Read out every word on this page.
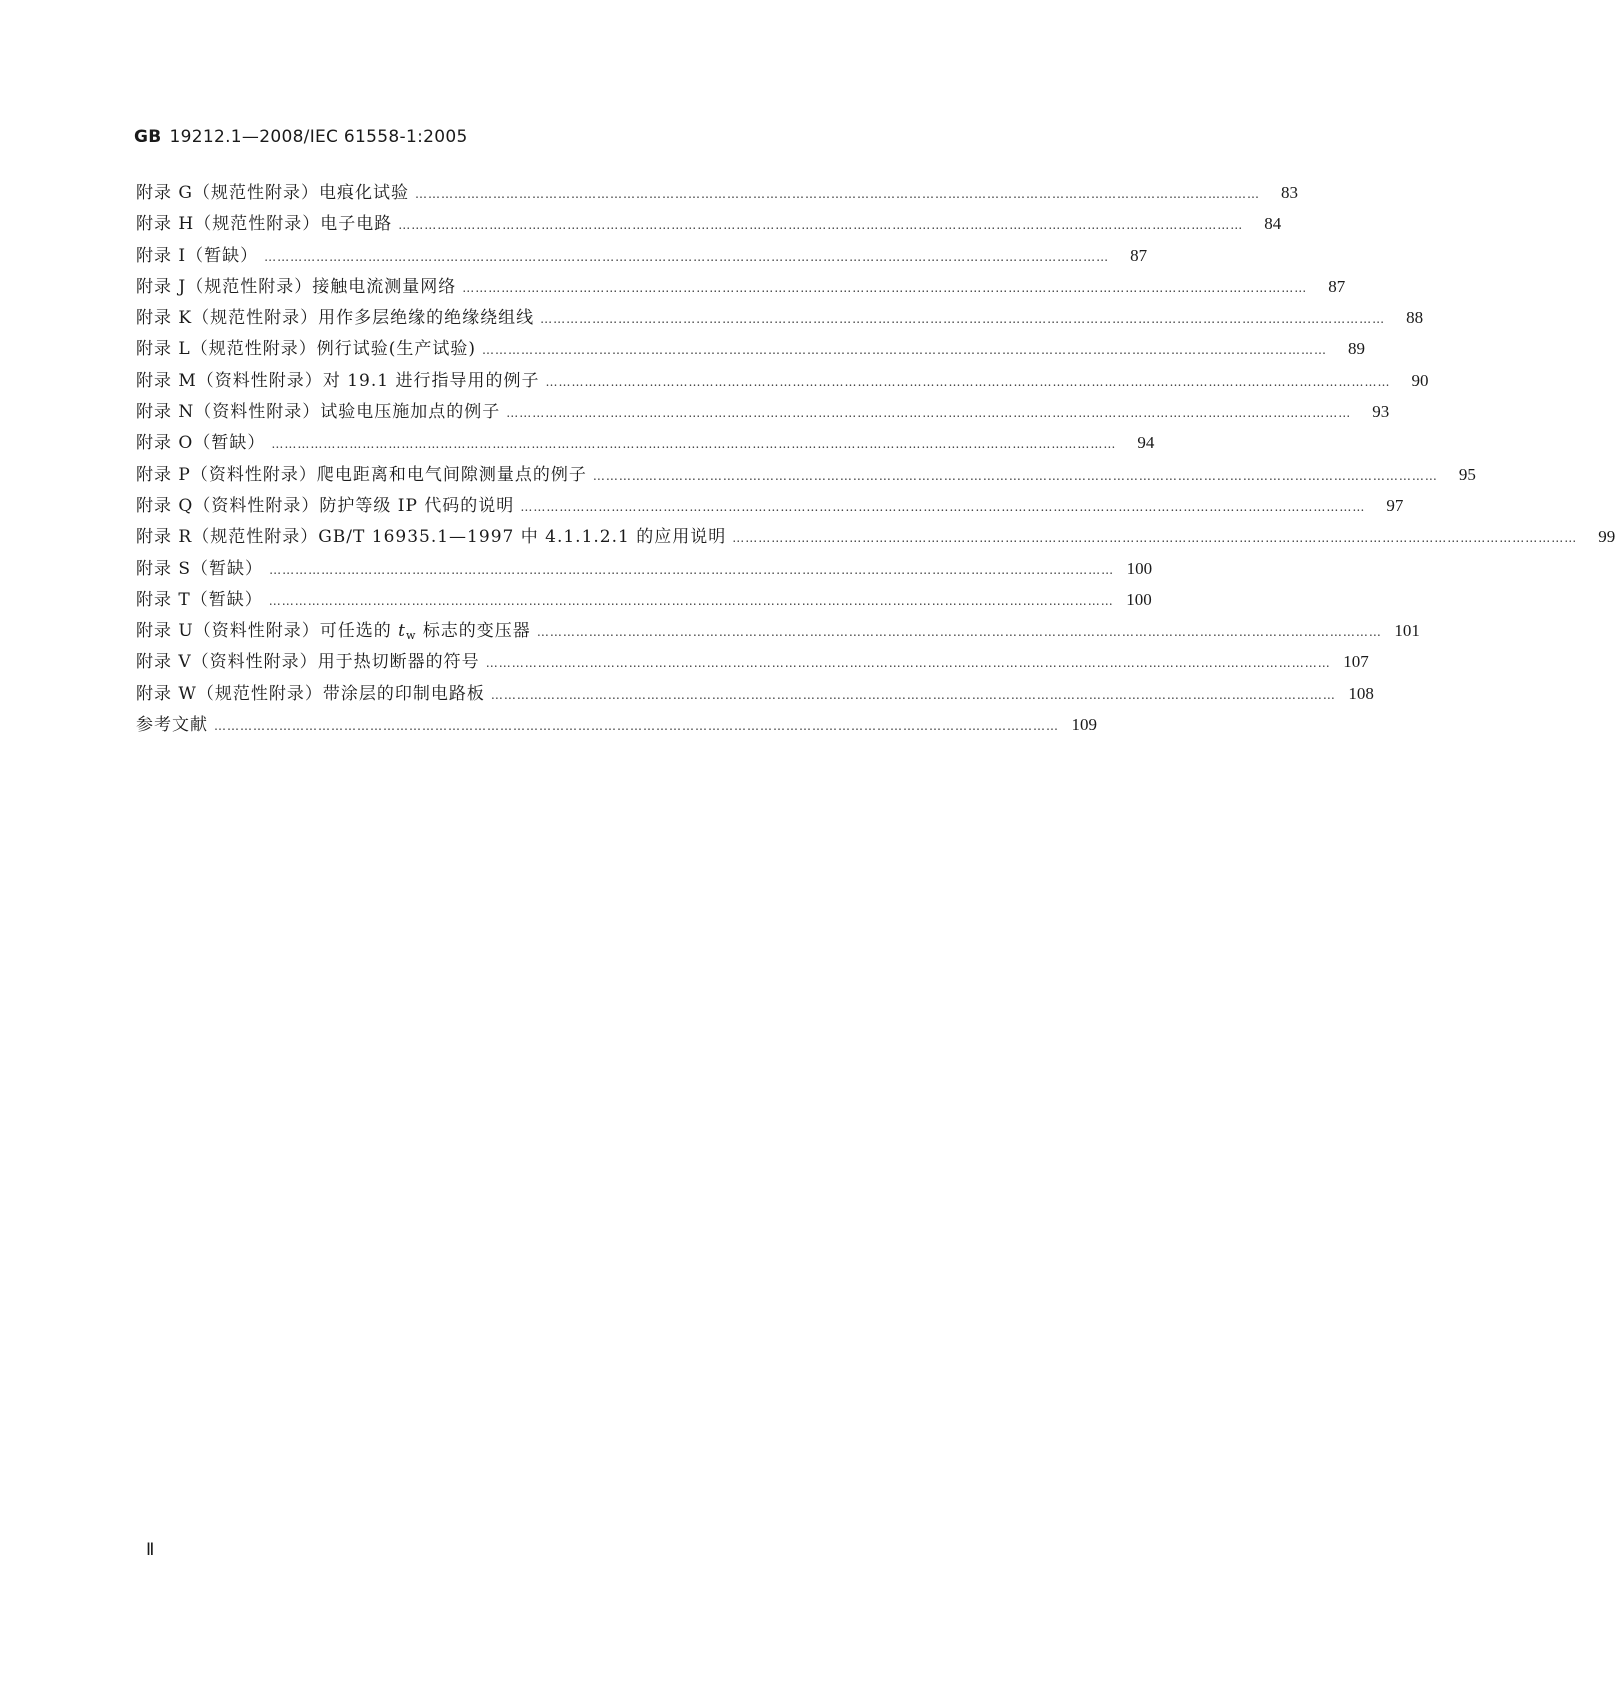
GB 19212.1—2008/IEC 61558-1:2005
附录 G（规范性附录） 电痕化试验 ……………………………………………………………………………………………………………………………………………………………………………	83
附录 H（规范性附录） 电子电路 ……………………………………………………………………………………………………………………………………………………………………………	84
附录 I（暂缺） ……………………………………………………………………………………………………………………………………………………………………………	87
附录 J（规范性附录） 接触电流测量网络 ……………………………………………………………………………………………………………………………………………………………………………	87
附录 K（规范性附录） 用作多层绝缘的绝缘绕组线 ……………………………………………………………………………………………………………………………………………………………………………	88
附录 L（规范性附录） 例行试验(生产试验) ……………………………………………………………………………………………………………………………………………………………………………	89
附录 M（资料性附录） 对 19.1 进行指导用的例子 ……………………………………………………………………………………………………………………………………………………………………………	90
附录 N（资料性附录） 试验电压施加点的例子 ……………………………………………………………………………………………………………………………………………………………………………	93
附录 O（暂缺） ……………………………………………………………………………………………………………………………………………………………………………	94
附录 P（资料性附录） 爬电距离和电气间隙测量点的例子 ……………………………………………………………………………………………………………………………………………………………………………	95
附录 Q（资料性附录） 防护等级 IP 代码的说明 ……………………………………………………………………………………………………………………………………………………………………………	97
附录 R（规范性附录） GB/T 16935.1—1997 中 4.1.1.2.1 的应用说明 ……………………………………………………………………………………………………………………………………………………………………………	99
附录 S（暂缺） …………………………………………………………………………………………………………………………………………………………………………… 100
附录 T（暂缺） …………………………………………………………………………………………………………………………………………………………………………… 100
附录 U（资料性附录） 可任选的 $t_w$ 标志的变压器 …………………………………………………………………………………………………………………………………………………………………………… 101
附录 V（资料性附录） 用于热切断器的符号 …………………………………………………………………………………………………………………………………………………………………………… 107
附录 W（规范性附录） 带涂层的印制电路板 …………………………………………………………………………………………………………………………………………………………………………… 108
参考文献 …………………………………………………………………………………………………………………………………………………………………………… 109
Ⅱ
